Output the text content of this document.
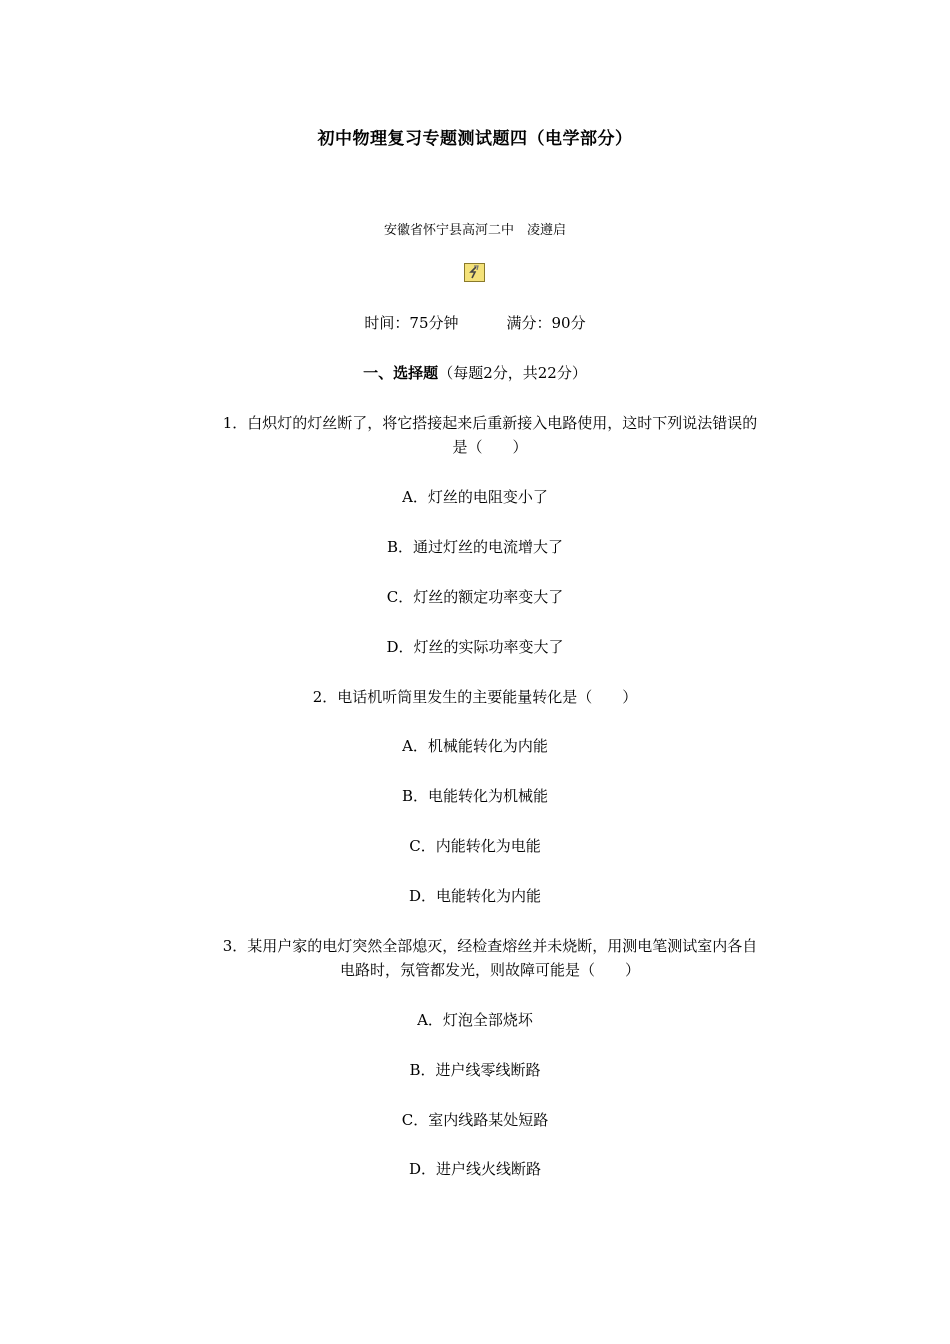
初中物理复习专题测试题四（电学部分）
安徽省怀宁县高河二中　凌遵启
时间：75分钟	满分：90分
一、选择题（每题2分，共22分）
1．白炽灯的灯丝断了，将它搭接起来后重新接入电路使用，这时下列说法错误的
是（　　）
A．灯丝的电阻变小了
B．通过灯丝的电流增大了
C．灯丝的额定功率变大了
D．灯丝的实际功率变大了
2．电话机听筒里发生的主要能量转化是（　　）
A．机械能转化为内能
B．电能转化为机械能
C．内能转化为电能
D．电能转化为内能
3．某用户家的电灯突然全部熄灭，经检查熔丝并未烧断，用测电笔测试室内各自
电路时，氖管都发光，则故障可能是（　　）
A．灯泡全部烧坏
B．进户线零线断路
C．室内线路某处短路
D．进户线火线断路
